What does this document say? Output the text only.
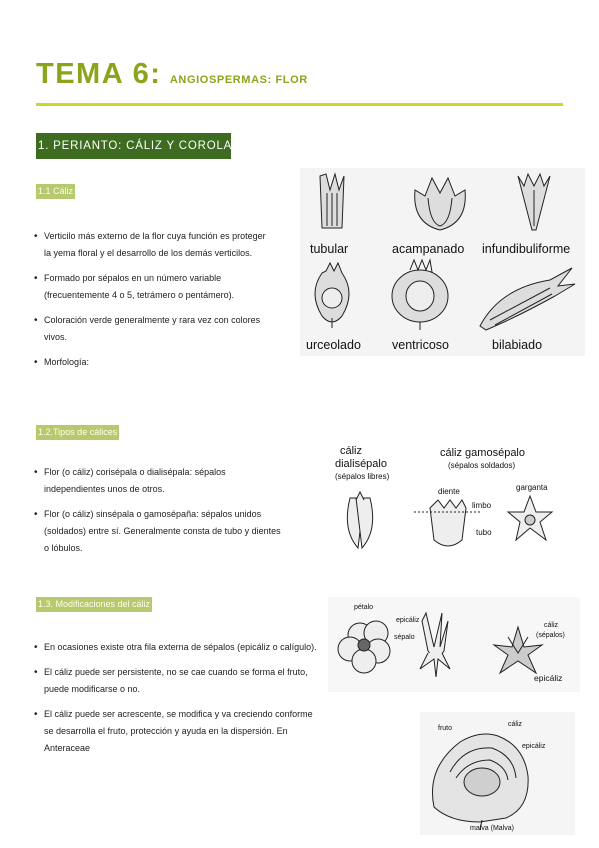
TEMA 6: ANGIOSPERMAS: FLOR
1. PERIANTO: CÁLIZ Y COROLA
1.1 Cáliz
• Verticilo más externo de la flor cuya función es proteger la yema floral y el desarrollo de los demás verticilos.
• Formado por sépalos en un número variable (frecuentemente 4 o 5, tetrámero o pentámero).
• Coloración verde generalmente y rara vez con colores vivos.
• Morfología:
tubular	acampanado infundibuliforme
urceolado ventricoso	bilabiado
1.2.Tipos de cálices
• Flor (o cáliz) corisépala o dialisépala: sépalos independientes unos de otros.
• Flor (o cáliz) sinsépala o gamosépaña: sépalos unidos (soldados) entre sí. Generalmente consta de tubo y dientes o lóbulos.
cáliz
dialisépalo
(sépalos libres)
cáliz gamosépalo
(sépalos soldados)
diente
limbo
tubo
garganta
1.3. Modificaciones del cáliz
• En ocasiones existe otra fila externa de sépalos (epicáliz o calígulo).
• El cáliz puede ser persistente, no se cae cuando se forma el fruto, puede modificarse o no.
• El cáliz puede ser acrescente, se modifica y va creciendo conforme se desarrolla el fruto, protección y ayuda en la dispersión. En Anteraceae
pétalo
epicáliz
sépalo
cáliz
(sépalos)
epicáliz
fruto
cáliz
epicáliz
malva (Malva)
